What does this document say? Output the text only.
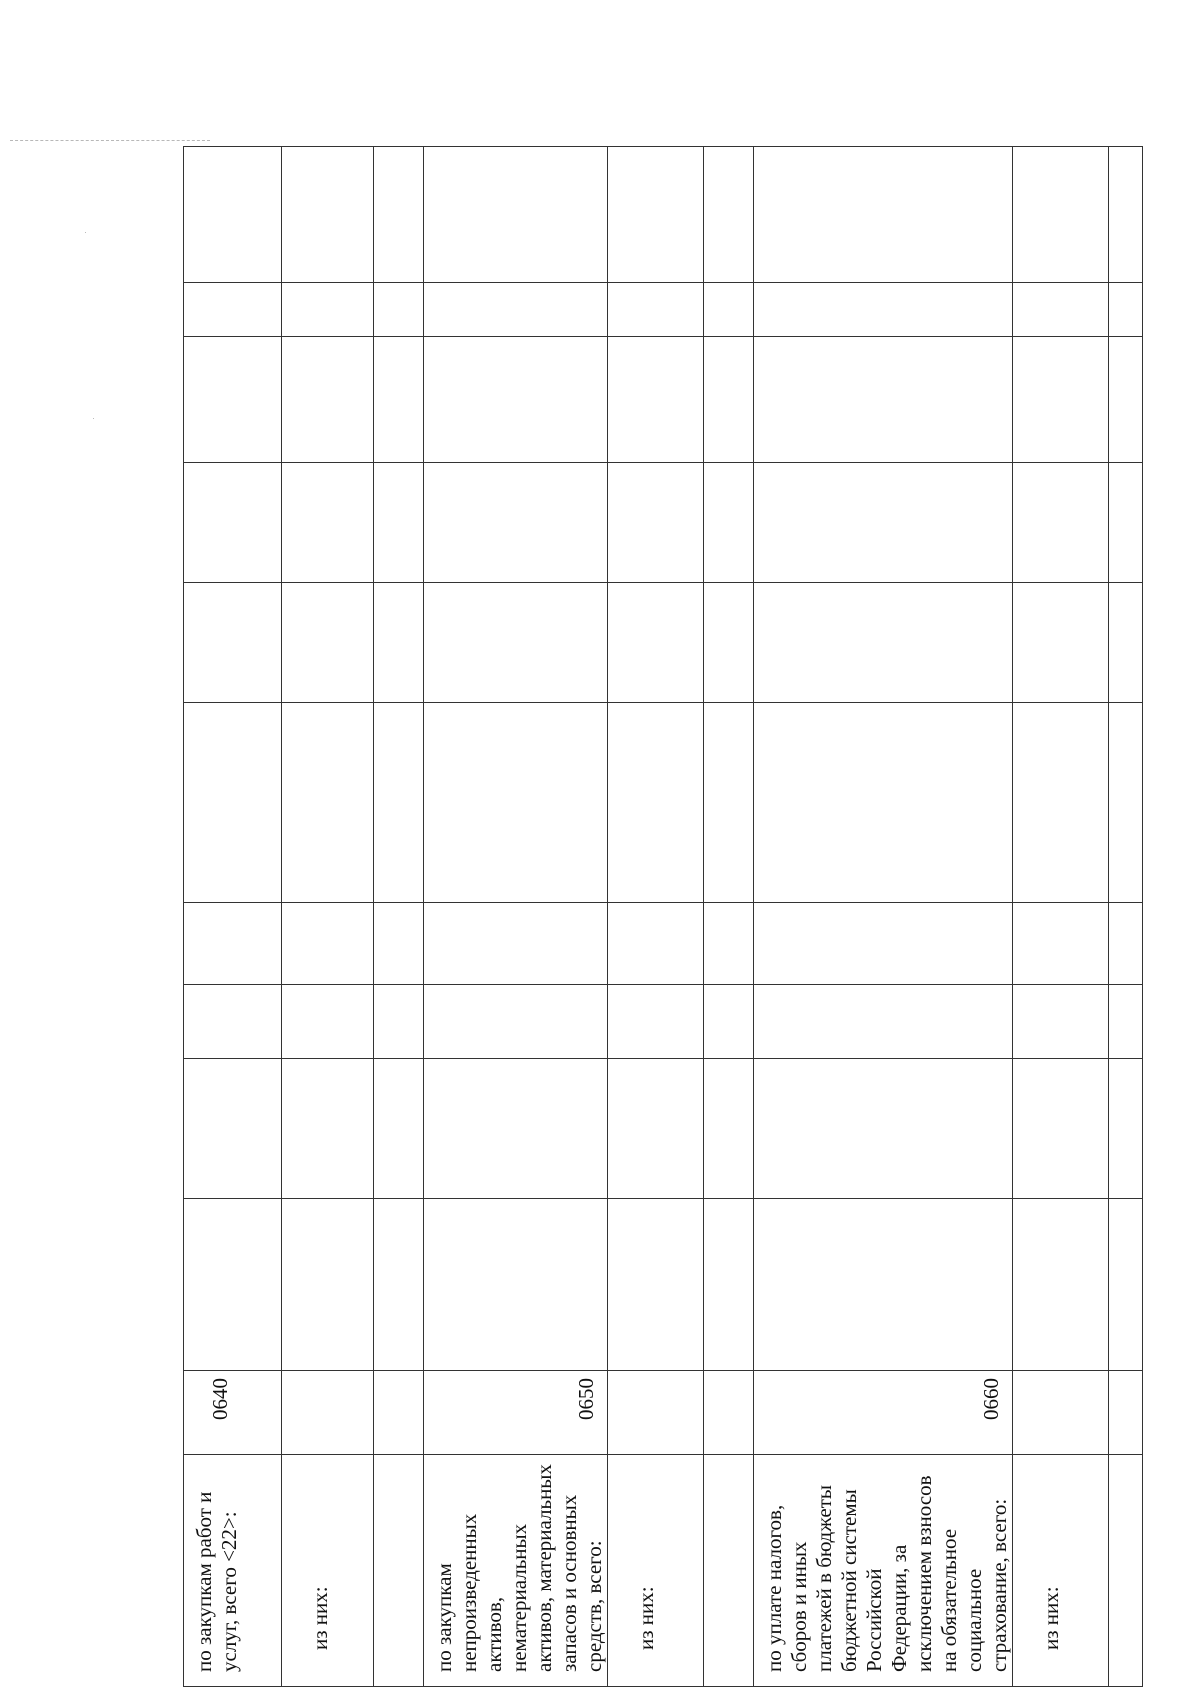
по закупкам работ и услуг, всего <22>:	0640										

из них:											

по закупкам непроизведенных активов, нематериальных активов, материальных запасов и основных средств, всего:	0650										

из них:											

по уплате налогов, сборов и иных платежей в бюджеты бюджетной системы Российской Федерации, за исключением взносов на обязательное социальное страхование, всего:	0660										

из них:											
